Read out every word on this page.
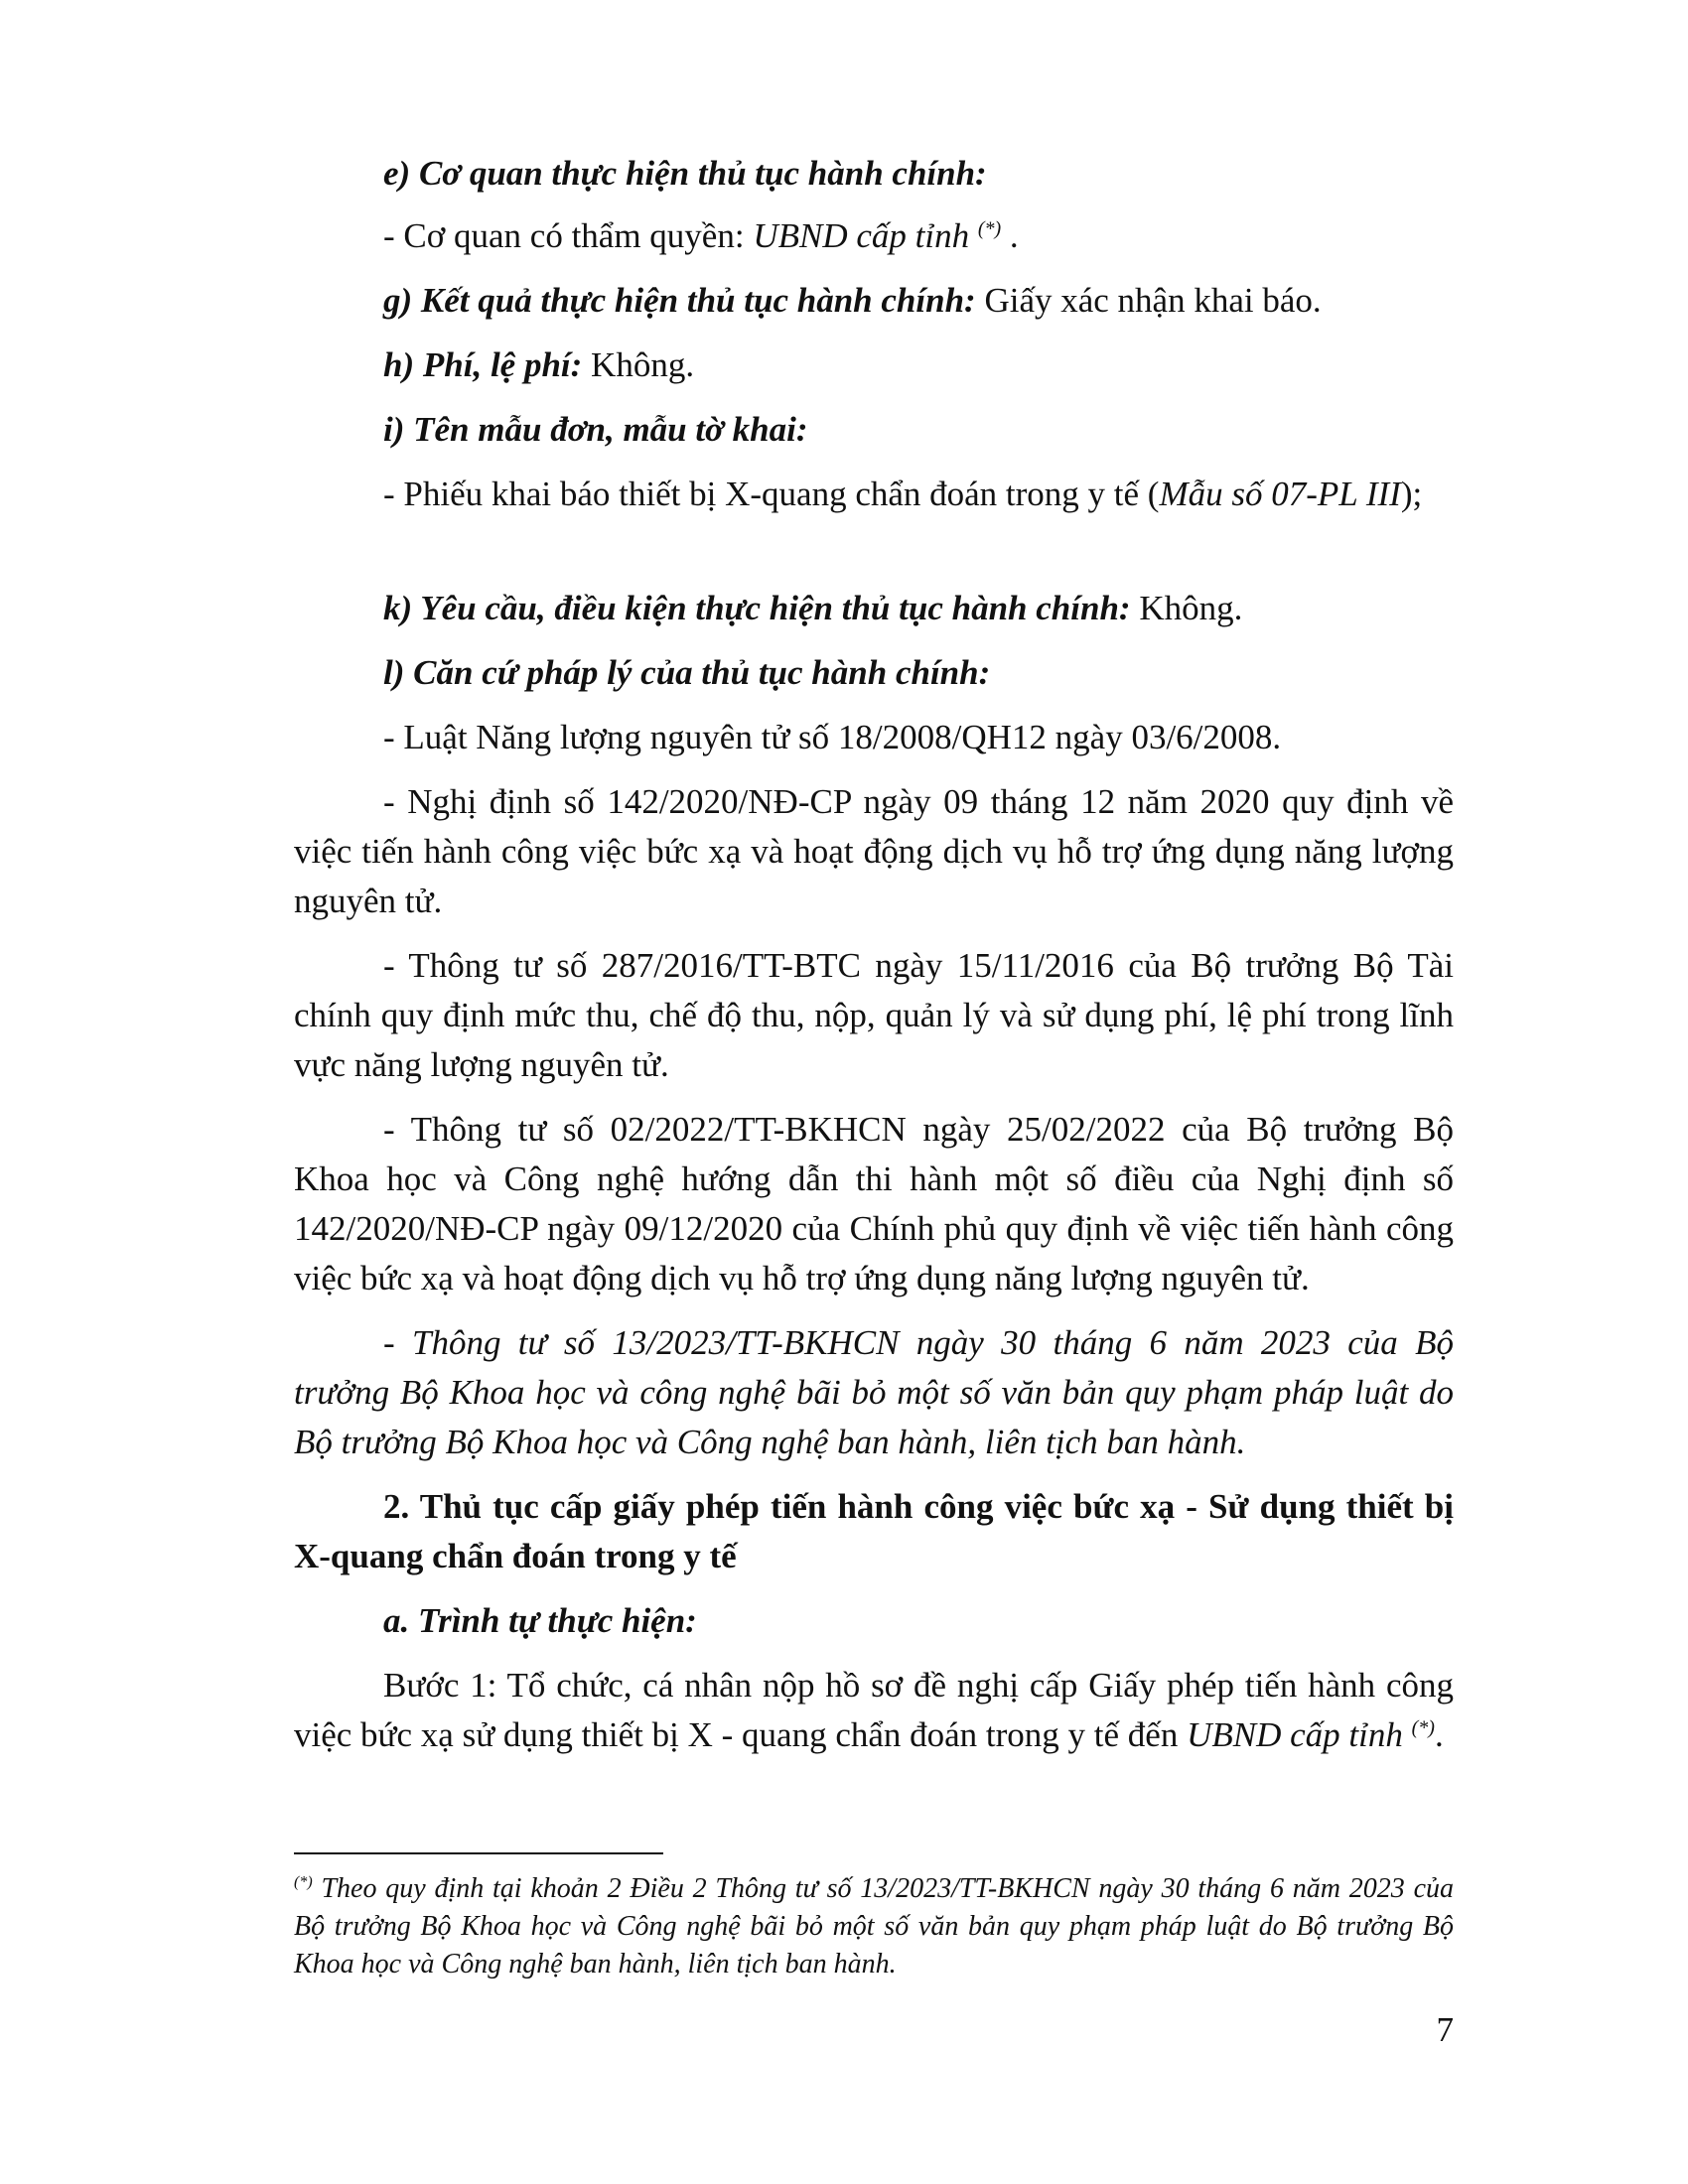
e) Cơ quan thực hiện thủ tục hành chính:

- Cơ quan có thẩm quyền: UBND cấp tỉnh (*) .

g) Kết quả thực hiện thủ tục hành chính: Giấy xác nhận khai báo.

h) Phí, lệ phí: Không.

i) Tên mẫu đơn, mẫu tờ khai:

- Phiếu khai báo thiết bị X-quang chẩn đoán trong y tế (Mẫu số 07-PL III);

k) Yêu cầu, điều kiện thực hiện thủ tục hành chính: Không.

l) Căn cứ pháp lý của thủ tục hành chính:

- Luật Năng lượng nguyên tử số 18/2008/QH12 ngày 03/6/2008.

- Nghị định số 142/2020/NĐ-CP ngày 09 tháng 12 năm 2020 quy định về việc tiến hành công việc bức xạ và hoạt động dịch vụ hỗ trợ ứng dụng năng lượng nguyên tử.

- Thông tư số 287/2016/TT-BTC ngày 15/11/2016 của Bộ trưởng Bộ Tài chính quy định mức thu, chế độ thu, nộp, quản lý và sử dụng phí, lệ phí trong lĩnh vực năng lượng nguyên tử.

- Thông tư số 02/2022/TT-BKHCN ngày 25/02/2022 của Bộ trưởng Bộ Khoa học và Công nghệ hướng dẫn thi hành một số điều của Nghị định số 142/2020/NĐ-CP ngày 09/12/2020 của Chính phủ quy định về việc tiến hành công việc bức xạ và hoạt động dịch vụ hỗ trợ ứng dụng năng lượng nguyên tử.

- Thông tư số 13/2023/TT-BKHCN ngày 30 tháng 6 năm 2023 của Bộ trưởng Bộ Khoa học và công nghệ bãi bỏ một số văn bản quy phạm pháp luật do Bộ trưởng Bộ Khoa học và Công nghệ ban hành, liên tịch ban hành.

2. Thủ tục cấp giấy phép tiến hành công việc bức xạ - Sử dụng thiết bị X-quang chẩn đoán trong y tế

a. Trình tự thực hiện:

Bước 1: Tổ chức, cá nhân nộp hồ sơ đề nghị cấp Giấy phép tiến hành công việc bức xạ sử dụng thiết bị X - quang chẩn đoán trong y tế đến UBND cấp tỉnh (*).

(*) Theo quy định tại khoản 2 Điều 2 Thông tư số 13/2023/TT-BKHCN ngày 30 tháng 6 năm 2023 của Bộ trưởng Bộ Khoa học và Công nghệ bãi bỏ một số văn bản quy phạm pháp luật do Bộ trưởng Bộ Khoa học và Công nghệ ban hành, liên tịch ban hành.

7
